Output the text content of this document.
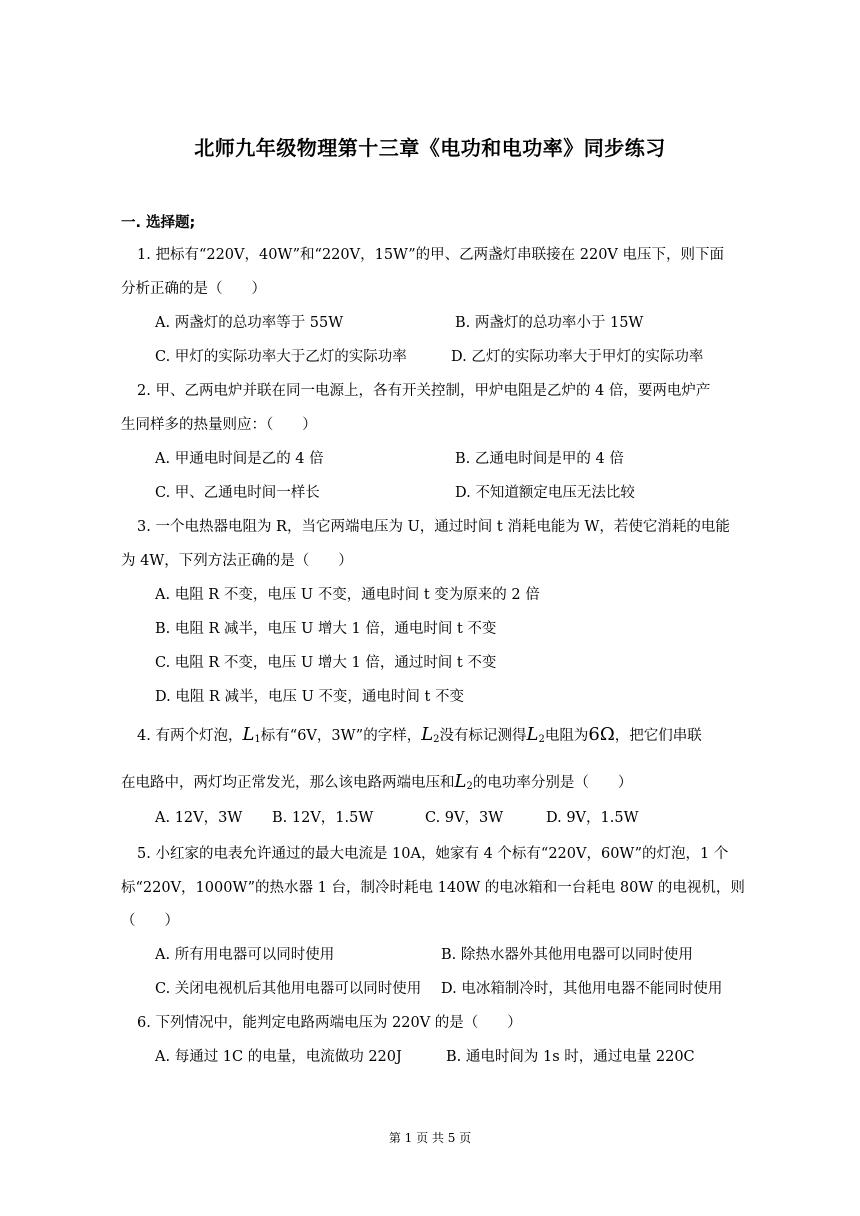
北师九年级物理第十三章《电功和电功率》同步练习
一. 选择题;
1. 把标有“220V，40W”和“220V，15W”的甲、乙两盏灯串联接在 220V 电压下，则下面
分析正确的是（　　）
A. 两盏灯的总功率等于 55W	B. 两盏灯的总功率小于 15W
C. 甲灯的实际功率大于乙灯的实际功率	D. 乙灯的实际功率大于甲灯的实际功率
2. 甲、乙两电炉并联在同一电源上，各有开关控制，甲炉电阻是乙炉的 4 倍，要两电炉产
生同样多的热量则应：（　　）
A. 甲通电时间是乙的 4 倍	B. 乙通电时间是甲的 4 倍
C. 甲、乙通电时间一样长	D. 不知道额定电压无法比较
3. 一个电热器电阻为 R，当它两端电压为 U，通过时间 t 消耗电能为 W，若使它消耗的电能
为 4W，下列方法正确的是（　　）
A. 电阻 R 不变，电压 U 不变，通电时间 t 变为原来的 2 倍
B. 电阻 R 减半，电压 U 增大 1 倍，通电时间 t 不变
C. 电阻 R 不变，电压 U 增大 1 倍，通过时间 t 不变
D. 电阻 R 减半，电压 U 不变，通电时间 t 不变
4. 有两个灯泡，$L_1$标有“6V，3W”的字样，$L_2$没有标记测得$L_2$电阻为6Ω，把它们串联
在电路中，两灯均正常发光，那么该电路两端电压和$L_2$的电功率分别是（　　）
A. 12V，3W B. 12V，1.5W	C. 9V，3W	D. 9V，1.5W
5. 小红家的电表允许通过的最大电流是 10A，她家有 4 个标有“220V，60W”的灯泡，1 个
标“220V，1000W”的热水器 1 台，制冷时耗电 140W 的电冰箱和一台耗电 80W 的电视机，则
（　　）
A. 所有用电器可以同时使用	B. 除热水器外其他用电器可以同时使用
C. 关闭电视机后其他用电器可以同时使用 D. 电冰箱制冷时，其他用电器不能同时使用
6. 下列情况中，能判定电路两端电压为 220V 的是（　　）
A. 每通过 1C 的电量，电流做功 220J	B. 通电时间为 1s 时，通过电量 220C
第 1 页 共 5 页
